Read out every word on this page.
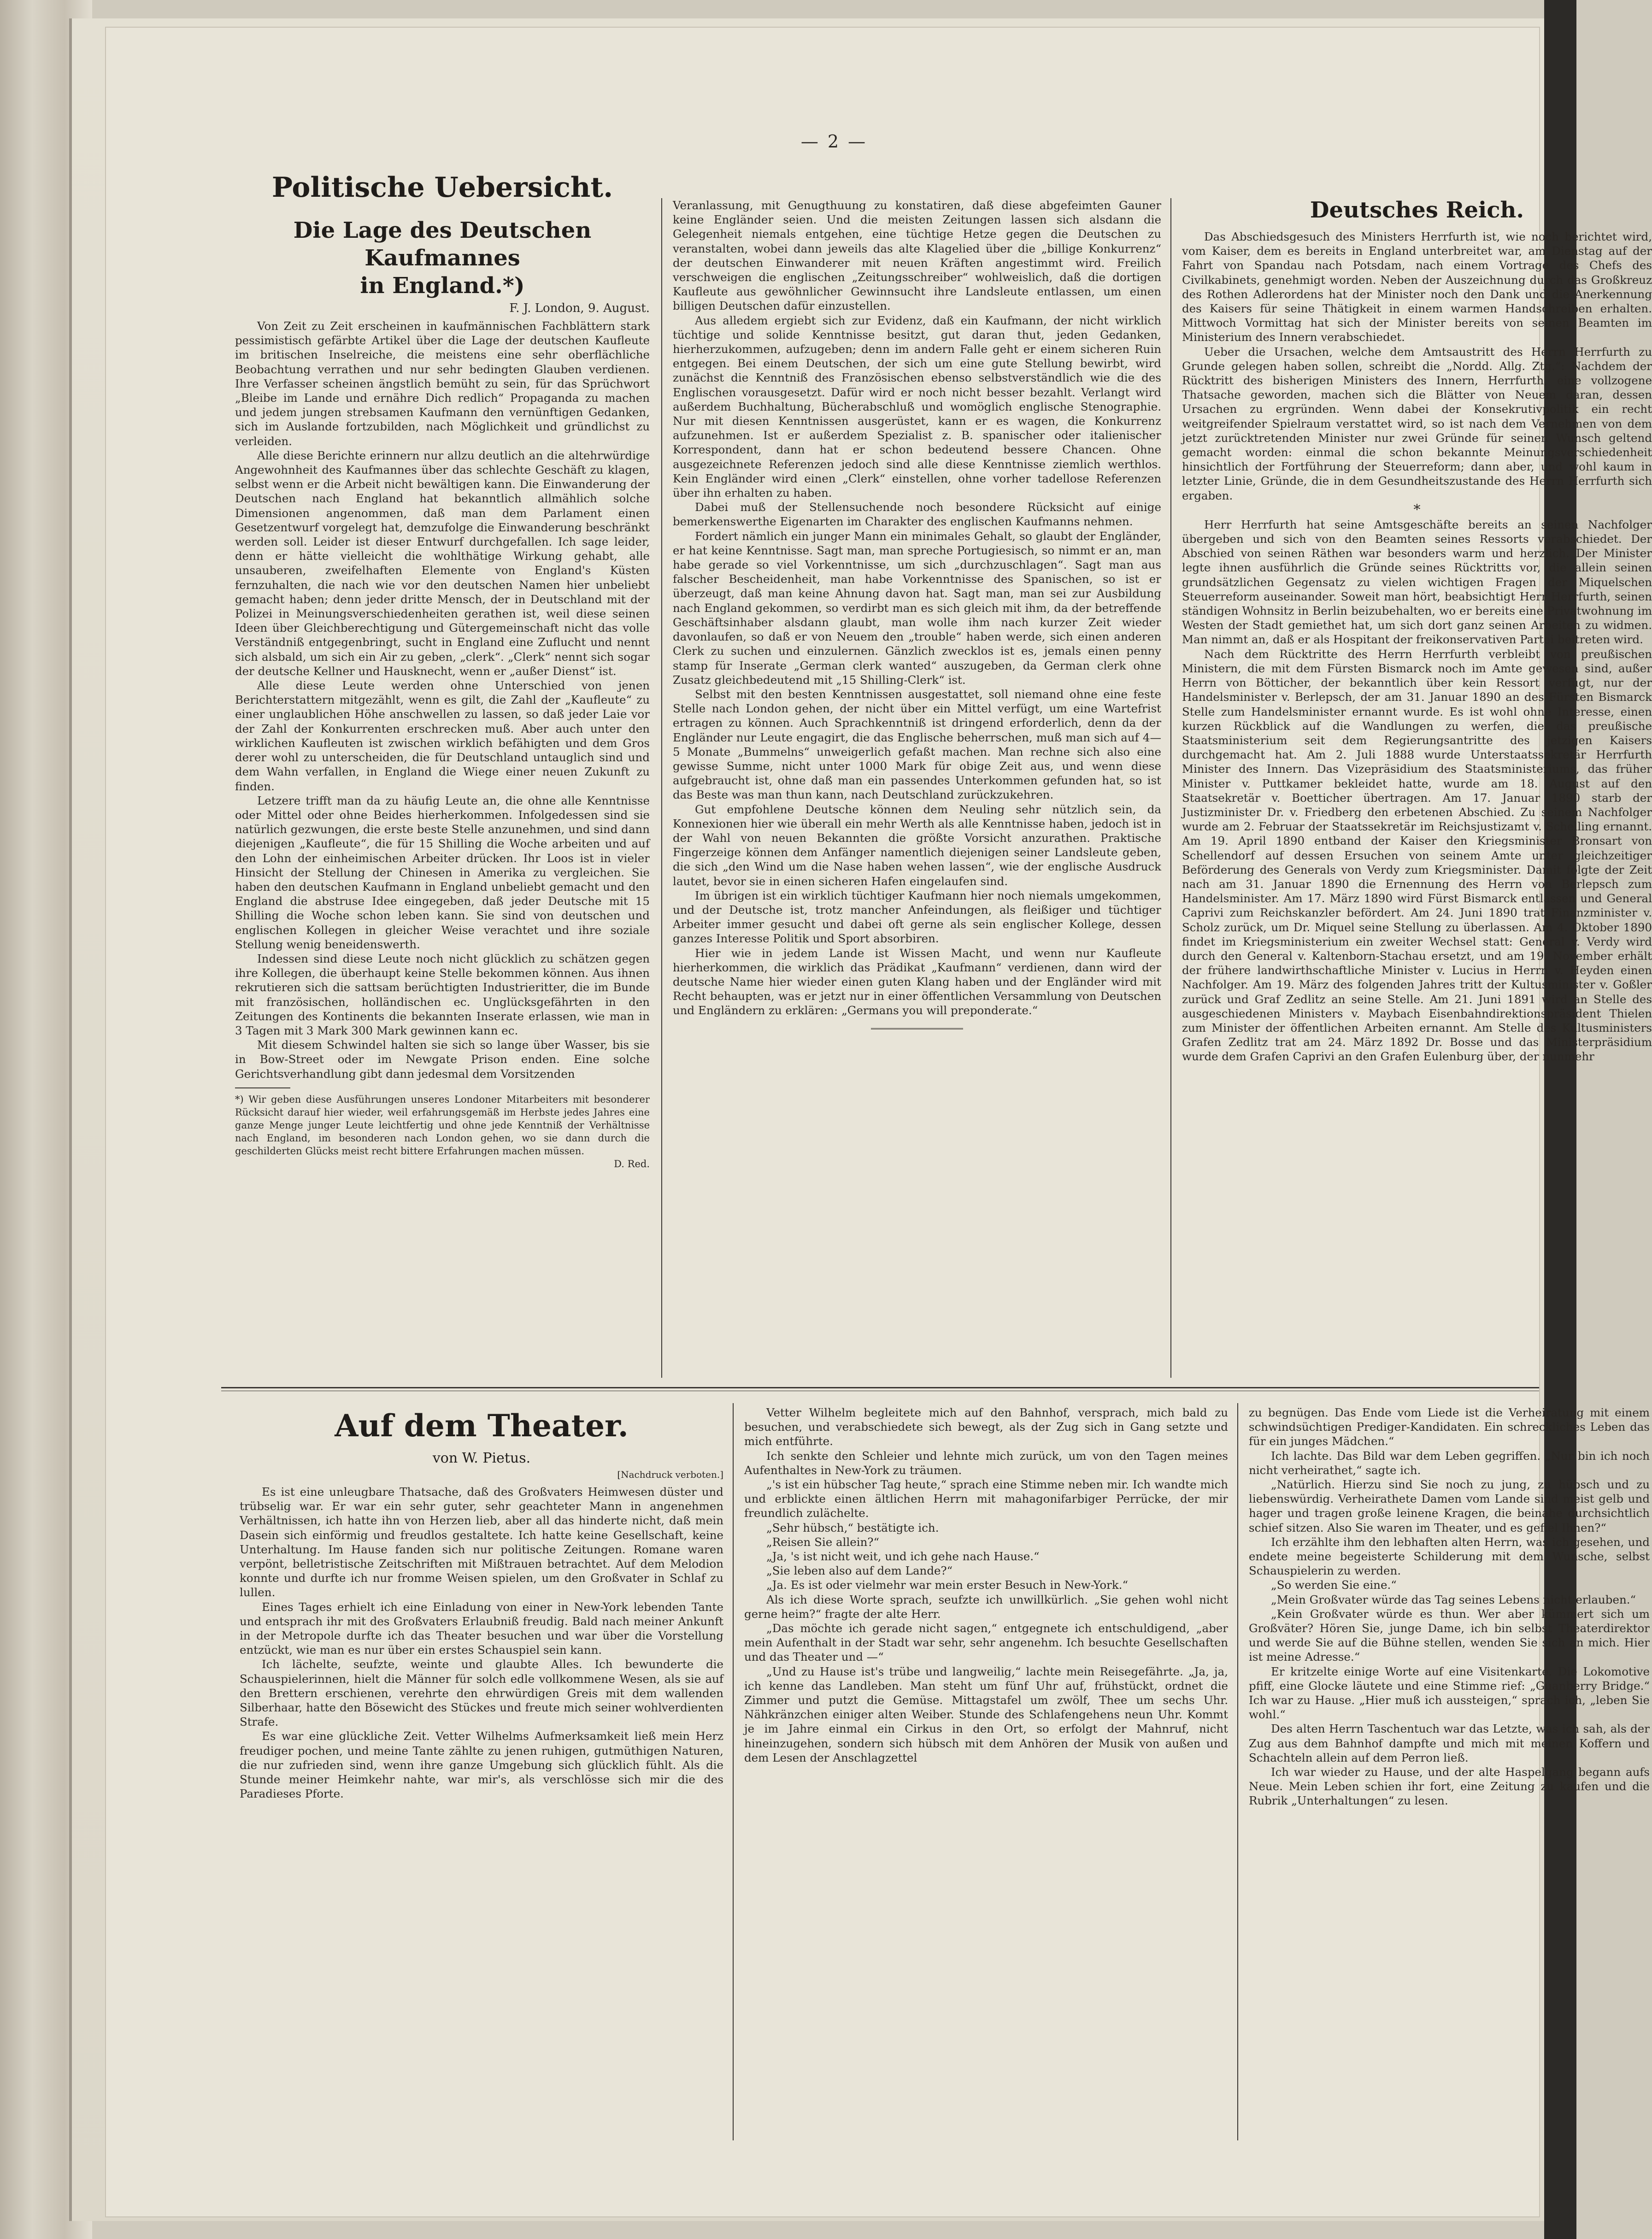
— 2 —
Politische Uebersicht.
Die Lage des Deutschen Kaufmannes
in England.*)
F. J. London, 9. August.
Von Zeit zu Zeit erscheinen in kaufmännischen Fachblättern stark pessimistisch gefärbte Artikel über die Lage der deutschen Kaufleute im britischen Inselreiche, die meistens eine sehr oberflächliche Beobachtung verrathen und nur sehr bedingten Glauben verdienen. Ihre Verfasser scheinen ängstlich bemüht zu sein, für das Sprüchwort „Bleibe im Lande und ernähre Dich redlich“ Propaganda zu machen und jedem jungen strebsamen Kaufmann den vernünftigen Gedanken, sich im Auslande fortzubilden, nach Möglichkeit und gründlichst zu verleiden.
Alle diese Berichte erinnern nur allzu deutlich an die altehrwürdige Angewohnheit des Kaufmannes über das schlechte Geschäft zu klagen, selbst wenn er die Arbeit nicht bewältigen kann. Die Einwanderung der Deutschen nach England hat bekanntlich allmählich solche Dimensionen angenommen, daß man dem Parlament einen Gesetzentwurf vorgelegt hat, demzufolge die Einwanderung beschränkt werden soll. Leider ist dieser Entwurf durchgefallen. Ich sage leider, denn er hätte vielleicht die wohlthätige Wirkung gehabt, alle unsauberen, zweifelhaften Elemente von England's Küsten fernzuhalten, die nach wie vor den deutschen Namen hier unbeliebt gemacht haben; denn jeder dritte Mensch, der in Deutschland mit der Polizei in Meinungsverschiedenheiten gerathen ist, weil diese seinen Ideen über Gleichberechtigung und Gütergemeinschaft nicht das volle Verständniß entgegenbringt, sucht in England eine Zuflucht und nennt sich alsbald, um sich ein Air zu geben, „clerk“. „Clerk“ nennt sich sogar der deutsche Kellner und Hausknecht, wenn er „außer Dienst“ ist.
Alle diese Leute werden ohne Unterschied von jenen Berichterstattern mitgezählt, wenn es gilt, die Zahl der „Kaufleute“ zu einer unglaublichen Höhe anschwellen zu lassen, so daß jeder Laie vor der Zahl der Konkurrenten erschrecken muß. Aber auch unter den wirklichen Kaufleuten ist zwischen wirklich befähigten und dem Gros derer wohl zu unterscheiden, die für Deutschland untauglich sind und dem Wahn verfallen, in England die Wiege einer neuen Zukunft zu finden.
Letzere trifft man da zu häufig Leute an, die ohne alle Kenntnisse oder Mittel oder ohne Beides hierherkommen. Infolgedessen sind sie natürlich gezwungen, die erste beste Stelle anzunehmen, und sind dann diejenigen „Kaufleute“, die für 15 Shilling die Woche arbeiten und auf den Lohn der einheimischen Arbeiter drücken. Ihr Loos ist in vieler Hinsicht der Stellung der Chinesen in Amerika zu vergleichen. Sie haben den deutschen Kaufmann in England unbeliebt gemacht und den England die abstruse Idee eingegeben, daß jeder Deutsche mit 15 Shilling die Woche schon leben kann. Sie sind von deutschen und englischen Kollegen in gleicher Weise verachtet und ihre soziale Stellung wenig beneidenswerth.
Indessen sind diese Leute noch nicht glücklich zu schätzen gegen ihre Kollegen, die überhaupt keine Stelle bekommen können. Aus ihnen rekrutieren sich die sattsam berüchtigten Industrieritter, die im Bunde mit französischen, holländischen ec. Unglücksgefährten in den Zeitungen des Kontinents die bekannten Inserate erlassen, wie man in 3 Tagen mit 3 Mark 300 Mark gewinnen kann ec.
Mit diesem Schwindel halten sie sich so lange über Wasser, bis sie in Bow-Street oder im Newgate Prison enden. Eine solche Gerichtsverhandlung gibt dann jedesmal dem Vorsitzenden

*) Wir geben diese Ausführungen unseres Londoner Mitarbeiters mit besonderer Rücksicht darauf hier wieder, weil erfahrungsgemäß im Herbste jedes Jahres eine ganze Menge junger Leute leichtfertig und ohne jede Kenntniß der Verhältnisse nach England, im besonderen nach London gehen, wo sie dann durch die geschilderten Glücks meist recht bittere Erfahrungen machen müssen.

D. Red.
Veranlassung, mit Genugthuung zu konstatiren, daß diese abgefeimten Gauner keine Engländer seien. Und die meisten Zeitungen lassen sich alsdann die Gelegenheit niemals entgehen, eine tüchtige Hetze gegen die Deutschen zu veranstalten, wobei dann jeweils das alte Klagelied über die „billige Konkurrenz“ der deutschen Einwanderer mit neuen Kräften angestimmt wird. Freilich verschweigen die englischen „Zeitungsschreiber“ wohlweislich, daß die dortigen Kaufleute aus gewöhnlicher Gewinnsucht ihre Landsleute entlassen, um einen billigen Deutschen dafür einzustellen.
Aus alledem ergiebt sich zur Evidenz, daß ein Kaufmann, der nicht wirklich tüchtige und solide Kenntnisse besitzt, gut daran thut, jeden Gedanken, hierherzukommen, aufzugeben; denn im andern Falle geht er einem sicheren Ruin entgegen. Bei einem Deutschen, der sich um eine gute Stellung bewirbt, wird zunächst die Kenntniß des Französischen ebenso selbstverständlich wie die des Englischen vorausgesetzt. Dafür wird er noch nicht besser bezahlt. Verlangt wird außerdem Buchhaltung, Bücherabschluß und womöglich englische Stenographie. Nur mit diesen Kenntnissen ausgerüstet, kann er es wagen, die Konkurrenz aufzunehmen. Ist er außerdem Spezialist z. B. spanischer oder italienischer Korrespondent, dann hat er schon bedeutend bessere Chancen. Ohne ausgezeichnete Referenzen jedoch sind alle diese Kenntnisse ziemlich werthlos. Kein Engländer wird einen „Clerk“ einstellen, ohne vorher tadellose Referenzen über ihn erhalten zu haben.
Dabei muß der Stellensuchende noch besondere Rücksicht auf einige bemerkenswerthe Eigenarten im Charakter des englischen Kaufmanns nehmen.
Fordert nämlich ein junger Mann ein minimales Gehalt, so glaubt der Engländer, er hat keine Kenntnisse. Sagt man, man spreche Portugiesisch, so nimmt er an, man habe gerade so viel Vorkenntnisse, um sich „durchzuschlagen“. Sagt man aus falscher Bescheidenheit, man habe Vorkenntnisse des Spanischen, so ist er überzeugt, daß man keine Ahnung davon hat. Sagt man, man sei zur Ausbildung nach England gekommen, so verdirbt man es sich gleich mit ihm, da der betreffende Geschäftsinhaber alsdann glaubt, man wolle ihm nach kurzer Zeit wieder davonlaufen, so daß er von Neuem den „trouble“ haben werde, sich einen anderen Clerk zu suchen und einzulernen. Gänzlich zwecklos ist es, jemals einen penny stamp für Inserate „German clerk wanted“ auszugeben, da German clerk ohne Zusatz gleichbedeutend mit „15 Shilling-Clerk“ ist.
Selbst mit den besten Kenntnissen ausgestattet, soll niemand ohne eine feste Stelle nach London gehen, der nicht über ein Mittel verfügt, um eine Wartefrist ertragen zu können. Auch Sprachkenntniß ist dringend erforderlich, denn da der Engländer nur Leute engagirt, die das Englische beherrschen, muß man sich auf 4—5 Monate „Bummelns“ unweigerlich gefaßt machen. Man rechne sich also eine gewisse Summe, nicht unter 1000 Mark für obige Zeit aus, und wenn diese aufgebraucht ist, ohne daß man ein passendes Unterkommen gefunden hat, so ist das Beste was man thun kann, nach Deutschland zurückzukehren.
Gut empfohlene Deutsche können dem Neuling sehr nützlich sein, da Konnexionen hier wie überall ein mehr Werth als alle Kenntnisse haben, jedoch ist in der Wahl von neuen Bekannten die größte Vorsicht anzurathen. Praktische Fingerzeige können dem Anfänger namentlich diejenigen seiner Landsleute geben, die sich „den Wind um die Nase haben wehen lassen“, wie der englische Ausdruck lautet, bevor sie in einen sicheren Hafen eingelaufen sind.
Im übrigen ist ein wirklich tüchtiger Kaufmann hier noch niemals umgekommen, und der Deutsche ist, trotz mancher Anfeindungen, als fleißiger und tüchtiger Arbeiter immer gesucht und dabei oft gerne als sein englischer Kollege, dessen ganzes Interesse Politik und Sport absorbiren.
Hier wie in jedem Lande ist Wissen Macht, und wenn nur Kaufleute hierherkommen, die wirklich das Prädikat „Kaufmann“ verdienen, dann wird der deutsche Name hier wieder einen guten Klang haben und der Engländer wird mit Recht behaupten, was er jetzt nur in einer öffentlichen Versammlung von Deutschen und Engländern zu erklären: „Germans you will preponderate.“
Deutsches Reich.
Das Abschiedsgesuch des Ministers Herrfurth ist, wie noch berichtet wird, vom Kaiser, dem es bereits in England unterbreitet war, am Dienstag auf der Fahrt von Spandau nach Potsdam, nach einem Vortrage des Chefs des Civilkabinets, genehmigt worden. Neben der Auszeichnung durch das Großkreuz des Rothen Adlerordens hat der Minister noch den Dank und die Anerkennung des Kaisers für seine Thätigkeit in einem warmen Handschreiben erhalten. Mittwoch Vormittag hat sich der Minister bereits von seinen Beamten im Ministerium des Innern verabschiedet.
Ueber die Ursachen, welche dem Amtsaustritt des Herrn Herrfurth zu Grunde gelegen haben sollen, schreibt die „Nordd. Allg. Ztg.“: Nachdem der Rücktritt des bisherigen Ministers des Innern, Herrfurth, eine vollzogene Thatsache geworden, machen sich die Blätter von Neuem daran, dessen Ursachen zu ergründen. Wenn dabei der Konsekrutivpolitik ein recht weitgreifender Spielraum verstattet wird, so ist nach dem Vernehmen von dem jetzt zurücktretenden Minister nur zwei Gründe für seinen Wunsch geltend gemacht worden: einmal die schon bekannte Meinungsverschiedenheit hinsichtlich der Fortführung der Steuerreform; dann aber, und wohl kaum in letzter Linie, Gründe, die in dem Gesundheitszustande des Herrn Herrfurth sich ergaben.
*
Herr Herrfurth hat seine Amtsgeschäfte bereits an seinen Nachfolger übergeben und sich von den Beamten seines Ressorts verabschiedet. Der Abschied von seinen Räthen war besonders warm und herzlich. Der Minister legte ihnen ausführlich die Gründe seines Rücktritts vor, die allein seinen grundsätzlichen Gegensatz zu vielen wichtigen Fragen der Miquelschen Steuerreform auseinander. Soweit man hört, beabsichtigt Herr Herrfurth, seinen ständigen Wohnsitz in Berlin beizubehalten, wo er bereits eine Privatwohnung im Westen der Stadt gemiethet hat, um sich dort ganz seinen Arbeiten zu widmen. Man nimmt an, daß er als Hospitant der freikonservativen Partei beitreten wird.
Nach dem Rücktritte des Herrn Herrfurth verbleibt von preußischen Ministern, die mit dem Fürsten Bismarck noch im Amte gewesen sind, außer Herrn von Bötticher, der bekanntlich über kein Ressort verfügt, nur der Handelsminister v. Berlepsch, der am 31. Januar 1890 an des Fürsten Bismarck Stelle zum Handelsminister ernannt wurde. Es ist wohl ohne Interesse, einen kurzen Rückblick auf die Wandlungen zu werfen, die das preußische Staatsministerium seit dem Regierungsantritte des jetzigen Kaisers durchgemacht hat. Am 2. Juli 1888 wurde Unterstaatssekretär Herrfurth Minister des Innern. Das Vizepräsidium des Staatsministeriums, das früher Minister v. Puttkamer bekleidet hatte, wurde am 18. August auf den Staatsekretär v. Boetticher übertragen. Am 17. Januar 1890 starb der Justizminister Dr. v. Friedberg den erbetenen Abschied. Zu seinem Nachfolger wurde am 2. Februar der Staatssekretär im Reichsjustizamt v. Schelling ernannt. Am 19. April 1890 entband der Kaiser den Kriegsminister Bronsart von Schellendorf auf dessen Ersuchen von seinem Amte unter gleichzeitiger Beförderung des Generals von Verdy zum Kriegsminister. Damit folgte der Zeit nach am 31. Januar 1890 die Ernennung des Herrn von Berlepsch zum Handelsminister. Am 17. März 1890 wird Fürst Bismarck entlassen und General Caprivi zum Reichskanzler befördert. Am 24. Juni 1890 trat Finanzminister v. Scholz zurück, um Dr. Miquel seine Stellung zu überlassen. Am 4. Oktober 1890 findet im Kriegsministerium ein zweiter Wechsel statt: General v. Verdy wird durch den General v. Kaltenborn-Stachau ersetzt, und am 19. November erhält der frühere landwirthschaftliche Minister v. Lucius in Herrn v. Heyden einen Nachfolger. Am 19. März des folgenden Jahres tritt der Kultusminister v. Goßler zurück und Graf Zedlitz an seine Stelle. Am 21. Juni 1891 wird an Stelle des ausgeschiedenen Ministers v. Maybach Eisenbahndirektionspräsident Thielen zum Minister der öffentlichen Arbeiten ernannt. Am Stelle des Kultusministers Grafen Zedlitz trat am 24. März 1892 Dr. Bosse und das Ministerpräsidium wurde dem Grafen Caprivi an den Grafen Eulenburg über, der nunmehr
Auf dem Theater.
von W. Pietus.
[Nachdruck verboten.]
Es ist eine unleugbare Thatsache, daß des Großvaters Heimwesen düster und trübselig war. Er war ein sehr guter, sehr geachteter Mann in angenehmen Verhältnissen, ich hatte ihn von Herzen lieb, aber all das hinderte nicht, daß mein Dasein sich einförmig und freudlos gestaltete. Ich hatte keine Gesellschaft, keine Unterhaltung. Im Hause fanden sich nur politische Zeitungen. Romane waren verpönt, belletristische Zeitschriften mit Mißtrauen betrachtet. Auf dem Melodion konnte und durfte ich nur fromme Weisen spielen, um den Großvater in Schlaf zu lullen.
Eines Tages erhielt ich eine Einladung von einer in New-York lebenden Tante und entsprach ihr mit des Großvaters Erlaubniß freudig. Bald nach meiner Ankunft in der Metropole durfte ich das Theater besuchen und war über die Vorstellung entzückt, wie man es nur über ein erstes Schauspiel sein kann.
Ich lächelte, seufzte, weinte und glaubte Alles. Ich bewunderte die Schauspielerinnen, hielt die Männer für solch edle vollkommene Wesen, als sie auf den Brettern erschienen, verehrte den ehrwürdigen Greis mit dem wallenden Silberhaar, hatte den Bösewicht des Stückes und freute mich seiner wohlverdienten Strafe.
Es war eine glückliche Zeit. Vetter Wilhelms Aufmerksamkeit ließ mein Herz freudiger pochen, und meine Tante zählte zu jenen ruhigen, gutmüthigen Naturen, die nur zufrieden sind, wenn ihre ganze Umgebung sich glücklich fühlt. Als die Stunde meiner Heimkehr nahte, war mir's, als verschlösse sich mir die des Paradieses Pforte.
Vetter Wilhelm begleitete mich auf den Bahnhof, versprach, mich bald zu besuchen, und verabschiedete sich bewegt, als der Zug sich in Gang setzte und mich entführte.
Ich senkte den Schleier und lehnte mich zurück, um von den Tagen meines Aufenthaltes in New-York zu träumen.
„'s ist ein hübscher Tag heute,“ sprach eine Stimme neben mir. Ich wandte mich und erblickte einen ältlichen Herrn mit mahagonifarbiger Perrücke, der mir freundlich zulächelte.
„Sehr hübsch,“ bestätigte ich.
„Reisen Sie allein?“
„Ja, 's ist nicht weit, und ich gehe nach Hause.“
„Sie leben also auf dem Lande?“
„Ja. Es ist oder vielmehr war mein erster Besuch in New-York.“
Als ich diese Worte sprach, seufzte ich unwillkürlich. „Sie gehen wohl nicht gerne heim?“ fragte der alte Herr.
„Das möchte ich gerade nicht sagen,“ entgegnete ich entschuldigend, „aber mein Aufenthalt in der Stadt war sehr, sehr angenehm. Ich besuchte Gesellschaften und das Theater und —“
„Und zu Hause ist's trübe und langweilig,“ lachte mein Reisegefährte. „Ja, ja, ich kenne das Landleben. Man steht um fünf Uhr auf, frühstückt, ordnet die Zimmer und putzt die Gemüse. Mittagstafel um zwölf, Thee um sechs Uhr. Nähkränzchen einiger alten Weiber. Stunde des Schlafengehens neun Uhr. Kommt je im Jahre einmal ein Cirkus in den Ort, so erfolgt der Mahnruf, nicht hineinzugehen, sondern sich hübsch mit dem Anhören der Musik von außen und dem Lesen der Anschlagzettel
zu begnügen. Das Ende vom Liede ist die Verheiratung mit einem schwindsüchtigen Prediger-Kandidaten. Ein schreckliches Leben das für ein junges Mädchen.“
Ich lachte. Das Bild war dem Leben gegriffen. „Nur bin ich noch nicht verheirathet,“ sagte ich.
„Natürlich. Hierzu sind Sie noch zu jung, zu hübsch und zu liebenswürdig. Verheirathete Damen vom Lande sind meist gelb und hager und tragen große leinene Kragen, die beinahe durchsichtlich schief sitzen. Also Sie waren im Theater, und es gefiel Ihnen?“
Ich erzählte ihm den lebhaften alten Herrn, was ich gesehen, und endete meine begeisterte Schilderung mit dem Wunsche, selbst Schauspielerin zu werden.
„So werden Sie eine.“
„Mein Großvater würde das Tag seines Lebens nicht erlauben.“
„Kein Großvater würde es thun. Wer aber kümmert sich um Großväter? Hören Sie, junge Dame, ich bin selbst Theaterdirektor und werde Sie auf die Bühne stellen, wenden Sie sich an mich. Hier ist meine Adresse.“
Er kritzelte einige Worte auf eine Visitenkarte. Die Lokomotive pfiff, eine Glocke läutete und eine Stimme rief: „Guanberry Bridge.“ Ich war zu Hause. „Hier muß ich aussteigen,“ sprach ich, „leben Sie wohl.“
Des alten Herrn Taschentuch war das Letzte, was ich sah, als der Zug aus dem Bahnhof dampfte und mich mit meinen Koffern und Schachteln allein auf dem Perron ließ.
Ich war wieder zu Hause, und der alte Haspelgang begann aufs Neue. Mein Leben schien ihr fort, eine Zeitung zu kaufen und die Rubrik „Unterhaltungen“ zu lesen.
